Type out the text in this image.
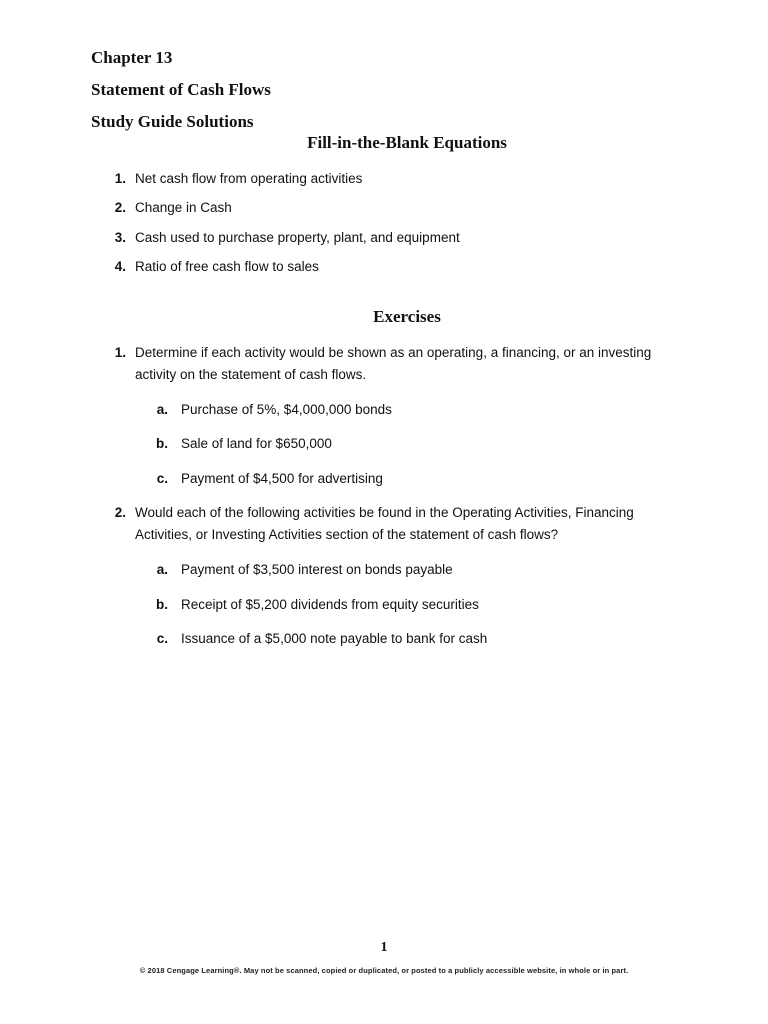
Chapter 13
Statement of Cash Flows
Study Guide Solutions
Fill-in-the-Blank Equations
1. Net cash flow from operating activities
2. Change in Cash
3. Cash used to purchase property, plant, and equipment
4. Ratio of free cash flow to sales
Exercises
1. Determine if each activity would be shown as an operating, a financing, or an investing
activity on the statement of cash flows.
a. Purchase of 5%, $4,000,000 bonds
b. Sale of land for $650,000
c. Payment of $4,500 for advertising
2. Would each of the following activities be found in the Operating Activities, Financing
Activities, or Investing Activities section of the statement of cash flows?
a. Payment of $3,500 interest on bonds payable
b. Receipt of $5,200 dividends from equity securities
c. Issuance of a $5,000 note payable to bank for cash
1
© 2018 Cengage Learning®. May not be scanned, copied or duplicated, or posted to a publicly accessible website, in whole or in part.
